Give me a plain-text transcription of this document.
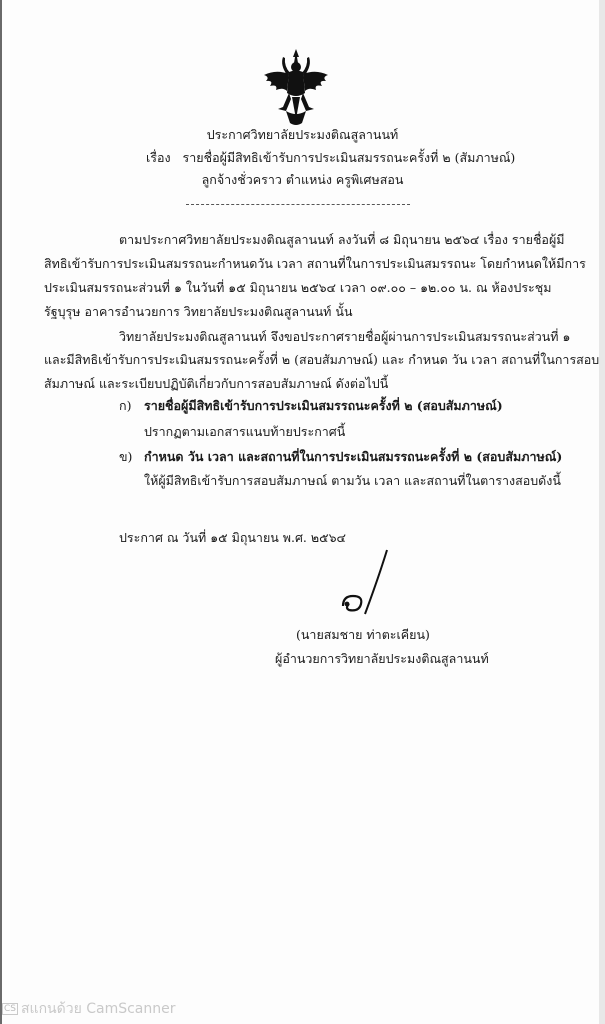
ประกาศวิทยาลัยประมงติณสูลานนท์
เรื่อง รายชื่อผู้มีสิทธิเข้ารับการประเมินสมรรถนะครั้งที่ ๒ (สัมภาษณ์)
ลูกจ้างชั่วคราว ตำแหน่ง ครูพิเศษสอน
ตามประกาศวิทยาลัยประมงติณสูลานนท์ ลงวันที่ ๘ มิถุนายน ๒๕๖๔ เรื่อง รายชื่อผู้มี
สิทธิเข้ารับการประเมินสมรรถนะกำหนดวัน เวลา สถานที่ในการประเมินสมรรถนะ โดยกำหนดให้มีการ
ประเมินสมรรถนะส่วนที่ ๑ ในวันที่ ๑๕ มิถุนายน ๒๕๖๔ เวลา ๐๙.๐๐ – ๑๒.๐๐ น. ณ ห้องประชุม
รัฐบุรุษ อาคารอำนวยการ วิทยาลัยประมงติณสูลานนท์ นั้น
วิทยาลัยประมงติณสูลานนท์ จึงขอประกาศรายชื่อผู้ผ่านการประเมินสมรรถนะส่วนที่ ๑
และมีสิทธิเข้ารับการประเมินสมรรถนะครั้งที่ ๒ (สอบสัมภาษณ์) และ กำหนด วัน เวลา สถานที่ในการสอบ
สัมภาษณ์ และระเบียบปฏิบัติเกี่ยวกับการสอบสัมภาษณ์ ดังต่อไปนี้
ก) รายชื่อผู้มีสิทธิเข้ารับการประเมินสมรรถนะครั้งที่ ๒ (สอบสัมภาษณ์)
ปรากฏตามเอกสารแนบท้ายประกาศนี้
ข) กำหนด วัน เวลา และสถานที่ในการประเมินสมรรถนะครั้งที่ ๒ (สอบสัมภาษณ์)
ให้ผู้มีสิทธิเข้ารับการสอบสัมภาษณ์ ตามวัน เวลา และสถานที่ในตารางสอบดังนี้
ประกาศ ณ วันที่ ๑๕ มิถุนายน พ.ศ. ๒๕๖๔
(นายสมชาย ท่าตะเคียน)
ผู้อำนวยการวิทยาลัยประมงติณสูลานนท์
CS สแกนด้วย CamScanner
